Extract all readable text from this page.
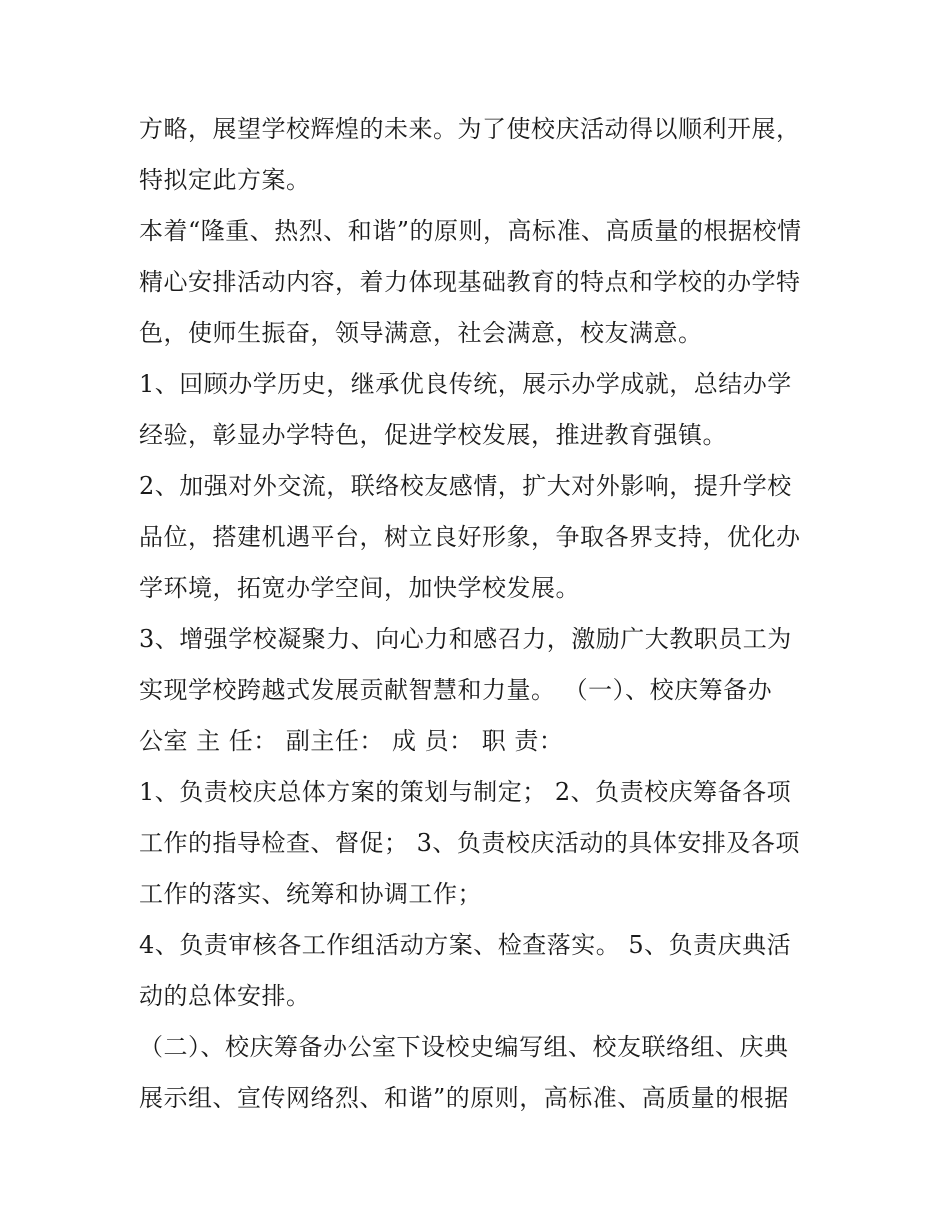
方略，展望学校辉煌的未来。为了使校庆活动得以顺利开展，
特拟定此方案。
本着“隆重、热烈、和谐”的原则，高标准、高质量的根据校情
精心安排活动内容，着力体现基础教育的特点和学校的办学特
色，使师生振奋，领导满意，社会满意，校友满意。
1、回顾办学历史，继承优良传统，展示办学成就，总结办学
经验，彰显办学特色，促进学校发展，推进教育强镇。
2、加强对外交流，联络校友感情，扩大对外影响，提升学校
品位，搭建机遇平台，树立良好形象，争取各界支持，优化办
学环境，拓宽办学空间，加快学校发展。
3、增强学校凝聚力、向心力和感召力，激励广大教职员工为
实现学校跨越式发展贡献智慧和力量。 （一）、校庆筹备办
公室 主 任： 副主任： 成 员： 职 责：
1、负责校庆总体方案的策划与制定； 2、负责校庆筹备各项
工作的指导检查、督促； 3、负责校庆活动的具体安排及各项
工作的落实、统筹和协调工作；
4、负责审核各工作组活动方案、检查落实。 5、负责庆典活
动的总体安排。
（二）、校庆筹备办公室下设校史编写组、校友联络组、庆典
展示组、宣传网络烈、和谐”的原则，高标准、高质量的根据
